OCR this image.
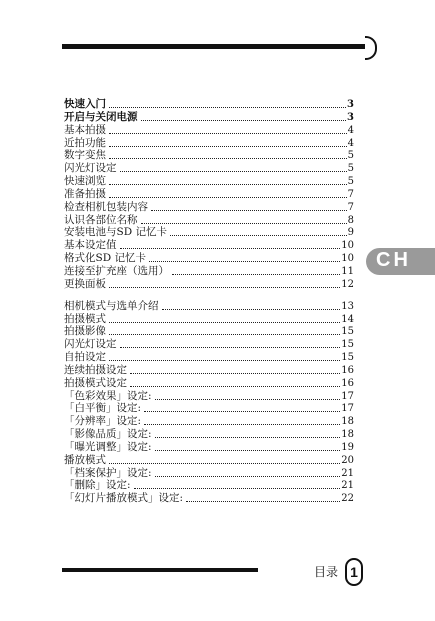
快速入门	3
开启与关闭电源	3
基本拍摄	4
近拍功能	4
数字变焦	5
闪光灯设定	5
快速浏览	5
准备拍摄	7
检查相机包装内容	7
认识各部位名称	8
安装电池与SD 记忆卡	9
基本设定值	10
格式化SD 记忆卡	10
连接至扩充座（选用）	11
更换面板	12
相机模式与选单介绍	13
拍摄模式	14
拍摄影像	15
闪光灯设定	15
自拍设定	15
连续拍摄设定	16
拍摄模式设定	16
「色彩效果」设定:	17
「白平衡」设定:	17
「分辨率」设定:	18
「影像品质」设定:	18
「曝光调整」设定:	19
播放模式	20
「档案保护」设定:	21
「删除」设定:	21
「幻灯片播放模式」设定:	22
CH
目录 1
